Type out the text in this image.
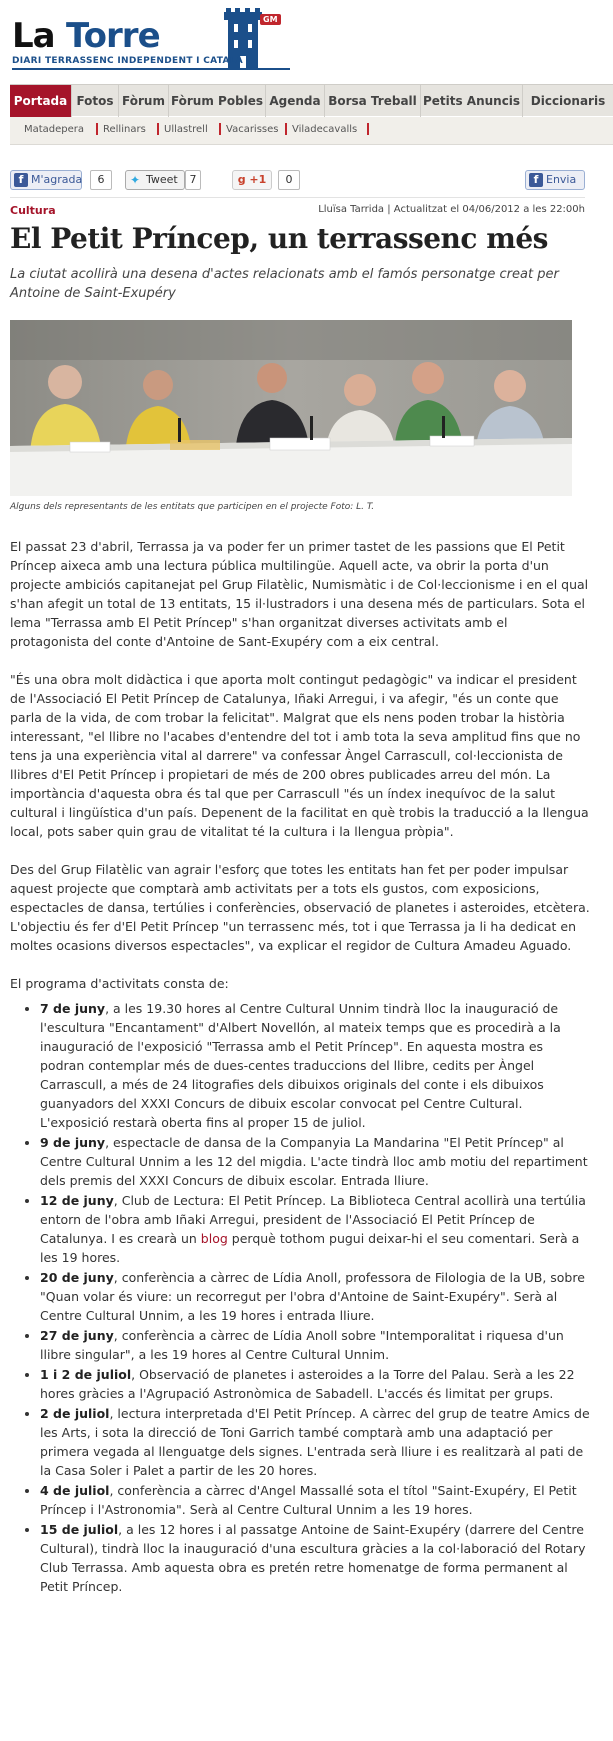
La Torre	GM
DIARI TERRASSENC INDEPENDENT I CATALÀ
Portada Fotos Fòrum Fòrum Pobles Agenda Borsa Treball Petits Anuncis Diccionaris
Matadepera Rellinars Ullastrell Vacarisses Viladecavalls
f M'agrada	6	✦ Tweet	7	g +1	0	f Envia
Cultura	Lluïsa Tarrida | Actualitzat el 04/06/2012 a les 22:00h
El Petit Príncep, un terrassenc més
La ciutat acollirà una desena d'actes relacionats amb el famós personatge creat per Antoine de Saint-Exupéry
Alguns dels representants de les entitats que participen en el projecte Foto: L. T.

El passat 23 d'abril, Terrassa ja va poder fer un primer tastet de les passions que El Petit Príncep aixeca amb una lectura pública multilingüe. Aquell acte, va obrir la porta d'un projecte ambiciós capitanejat pel Grup Filatèlic, Numismàtic i de Col·leccionisme i en el qual s'han afegit un total de 13 entitats, 15 il·lustradors i una desena més de particulars. Sota el lema "Terrassa amb El Petit Príncep" s'han organitzat diverses activitats amb el protagonista del conte d'Antoine de Sant-Exupéry com a eix central.

"És una obra molt didàctica i que aporta molt contingut pedagògic" va indicar el president de l'Associació El Petit Príncep de Catalunya, Iñaki Arregui, i va afegir, "és un conte que parla de la vida, de com trobar la felicitat". Malgrat que els nens poden trobar la història interessant, "el llibre no l'acabes d'entendre del tot i amb tota la seva amplitud fins que no tens ja una experiència vital al darrere" va confessar Àngel Carrascull, col·leccionista de llibres d'El Petit Príncep i propietari de més de 200 obres publicades arreu del món. La importància d'aquesta obra és tal que per Carrascull "és un índex inequívoc de la salut cultural i lingüística d'un país. Depenent de la facilitat en què trobis la traducció a la llengua local, pots saber quin grau de vitalitat té la cultura i la llengua pròpia".

Des del Grup Filatèlic van agrair l'esforç que totes les entitats han fet per poder impulsar aquest projecte que comptarà amb activitats per a tots els gustos, com exposicions, espectacles de dansa, tertúlies i conferències, observació de planetes i asteroides, etcètera. L'objectiu és fer d'El Petit Príncep "un terrassenc més, tot i que Terrassa ja li ha dedicat en moltes ocasions diversos espectacles", va explicar el regidor de Cultura Amadeu Aguado.

El programa d'activitats consta de:

• 7 de juny, a les 19.30 hores al Centre Cultural Unnim tindrà lloc la inauguració de l'escultura "Encantament" d'Albert Novellón, al mateix temps que es procedirà a la inauguració de l'exposició "Terrassa amb el Petit Príncep". En aquesta mostra es podran contemplar més de dues-centes traduccions del llibre, cedits per Àngel Carrascull, a més de 24 litografies dels dibuixos originals del conte i els dibuixos guanyadors del XXXI Concurs de dibuix escolar convocat pel Centre Cultural. L'exposició restarà oberta fins al proper 15 de juliol.
• 9 de juny, espectacle de dansa de la Companyia La Mandarina "El Petit Príncep" al Centre Cultural Unnim a les 12 del migdia. L'acte tindrà lloc amb motiu del repartiment dels premis del XXXI Concurs de dibuix escolar. Entrada lliure.
• 12 de juny, Club de Lectura: El Petit Príncep. La Biblioteca Central acollirà una tertúlia entorn de l'obra amb Iñaki Arregui, president de l'Associació El Petit Príncep de Catalunya. I es crearà un blog perquè tothom pugui deixar-hi el seu comentari. Serà a les 19 hores.
• 20 de juny, conferència a càrrec de Lídia Anoll, professora de Filologia de la UB, sobre "Quan volar és viure: un recorregut per l'obra d'Antoine de Saint-Exupéry". Serà al Centre Cultural Unnim, a les 19 hores i entrada lliure.
• 27 de juny, conferència a càrrec de Lídia Anoll sobre "Intemporalitat i riquesa d'un llibre singular", a les 19 hores al Centre Cultural Unnim.
• 1 i 2 de juliol, Observació de planetes i asteroides a la Torre del Palau. Serà a les 22 hores gràcies a l'Agrupació Astronòmica de Sabadell. L'accés és limitat per grups.
• 2 de juliol, lectura interpretada d'El Petit Príncep. A càrrec del grup de teatre Amics de les Arts, i sota la direcció de Toni Garrich també comptarà amb una adaptació per primera vegada al llenguatge dels signes. L'entrada serà lliure i es realitzarà al pati de la Casa Soler i Palet a partir de les 20 hores.
• 4 de juliol, conferència a càrrec d'Angel Massallé sota el títol "Saint-Exupéry, El Petit Príncep i l'Astronomia". Serà al Centre Cultural Unnim a les 19 hores.
• 15 de juliol, a les 12 hores i al passatge Antoine de Saint-Exupéry (darrere del Centre Cultural), tindrà lloc la inauguració d'una escultura gràcies a la col·laboració del Rotary Club Terrassa. Amb aquesta obra es pretén retre homenatge de forma permanent al Petit Príncep.
